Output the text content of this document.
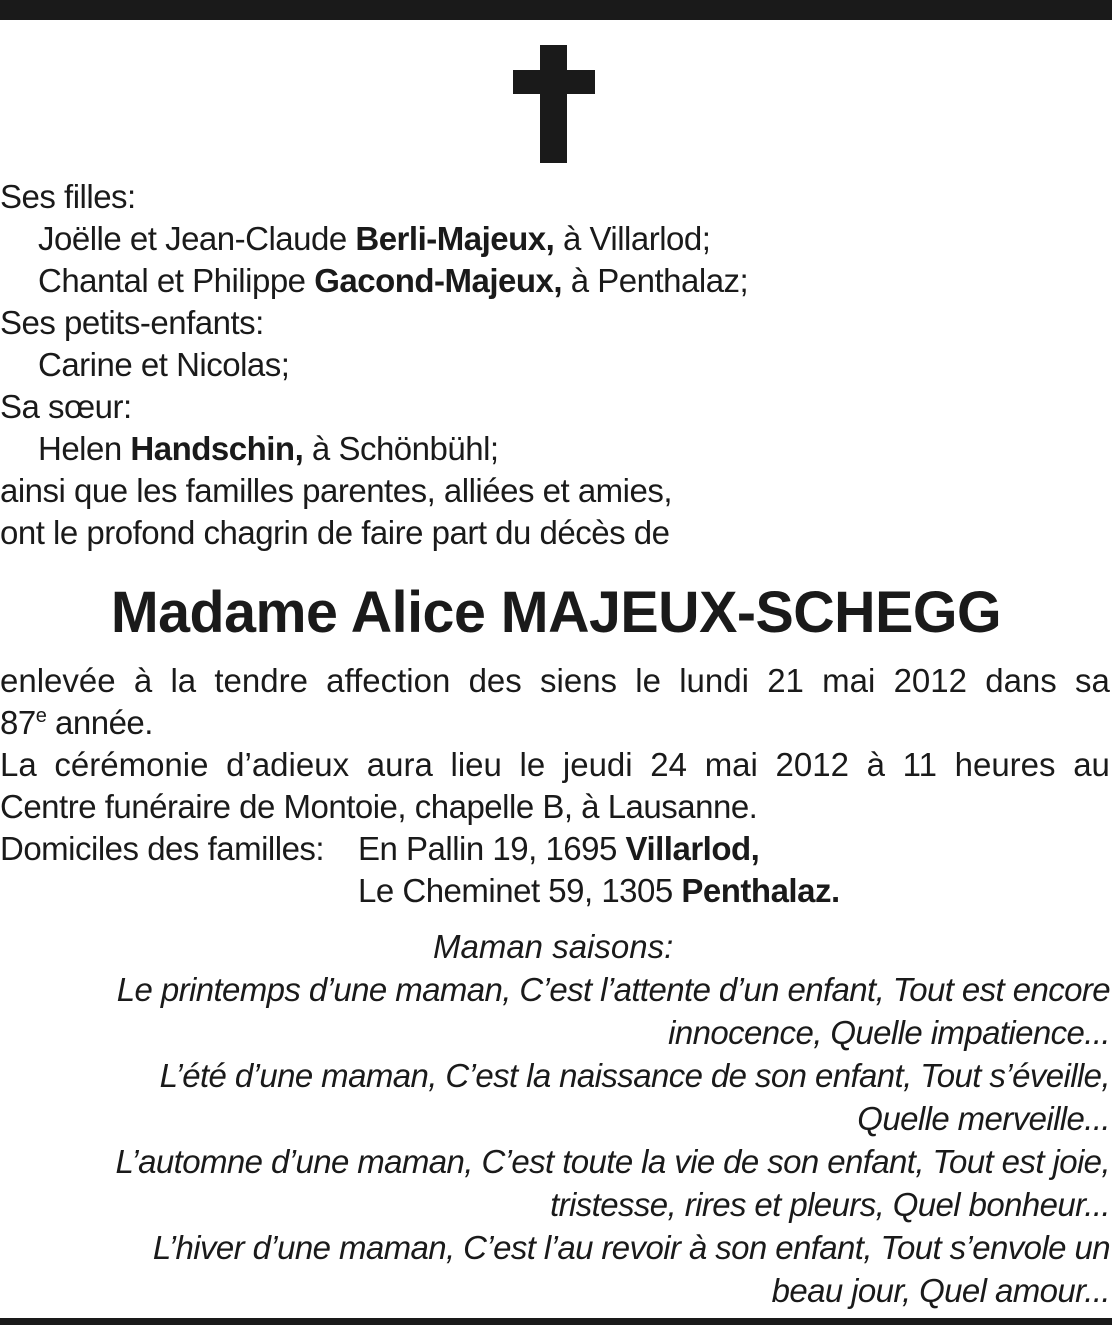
Ses filles:
Joëlle et Jean-Claude Berli-Majeux, à Villarlod;
Chantal et Philippe Gacond-Majeux, à Penthalaz;
Ses petits-enfants:
Carine et Nicolas;
Sa sœur:
Helen Handschin, à Schönbühl;
ainsi que les familles parentes, alliées et amies,
ont le profond chagrin de faire part du décès de
Madame Alice MAJEUX-SCHEGG
enlevée à la tendre affection des siens le lundi 21 mai 2012 dans sa
87e année.
La cérémonie d’adieux aura lieu le jeudi 24 mai 2012 à 11 heures au
Centre funéraire de Montoie, chapelle B, à Lausanne.
Domiciles des familles: En Pallin 19, 1695 Villarlod,
Le Cheminet 59, 1305 Penthalaz.
Maman saisons:
Le printemps d’une maman, C’est l’attente d’un enfant, Tout est encore
innocence, Quelle impatience...
L’été d’une maman, C’est la naissance de son enfant, Tout s’éveille,
Quelle merveille...
L’automne d’une maman, C’est toute la vie de son enfant, Tout est joie,
tristesse, rires et pleurs, Quel bonheur...
L’hiver d’une maman, C’est l’au revoir à son enfant, Tout s’envole un
beau jour, Quel amour...
